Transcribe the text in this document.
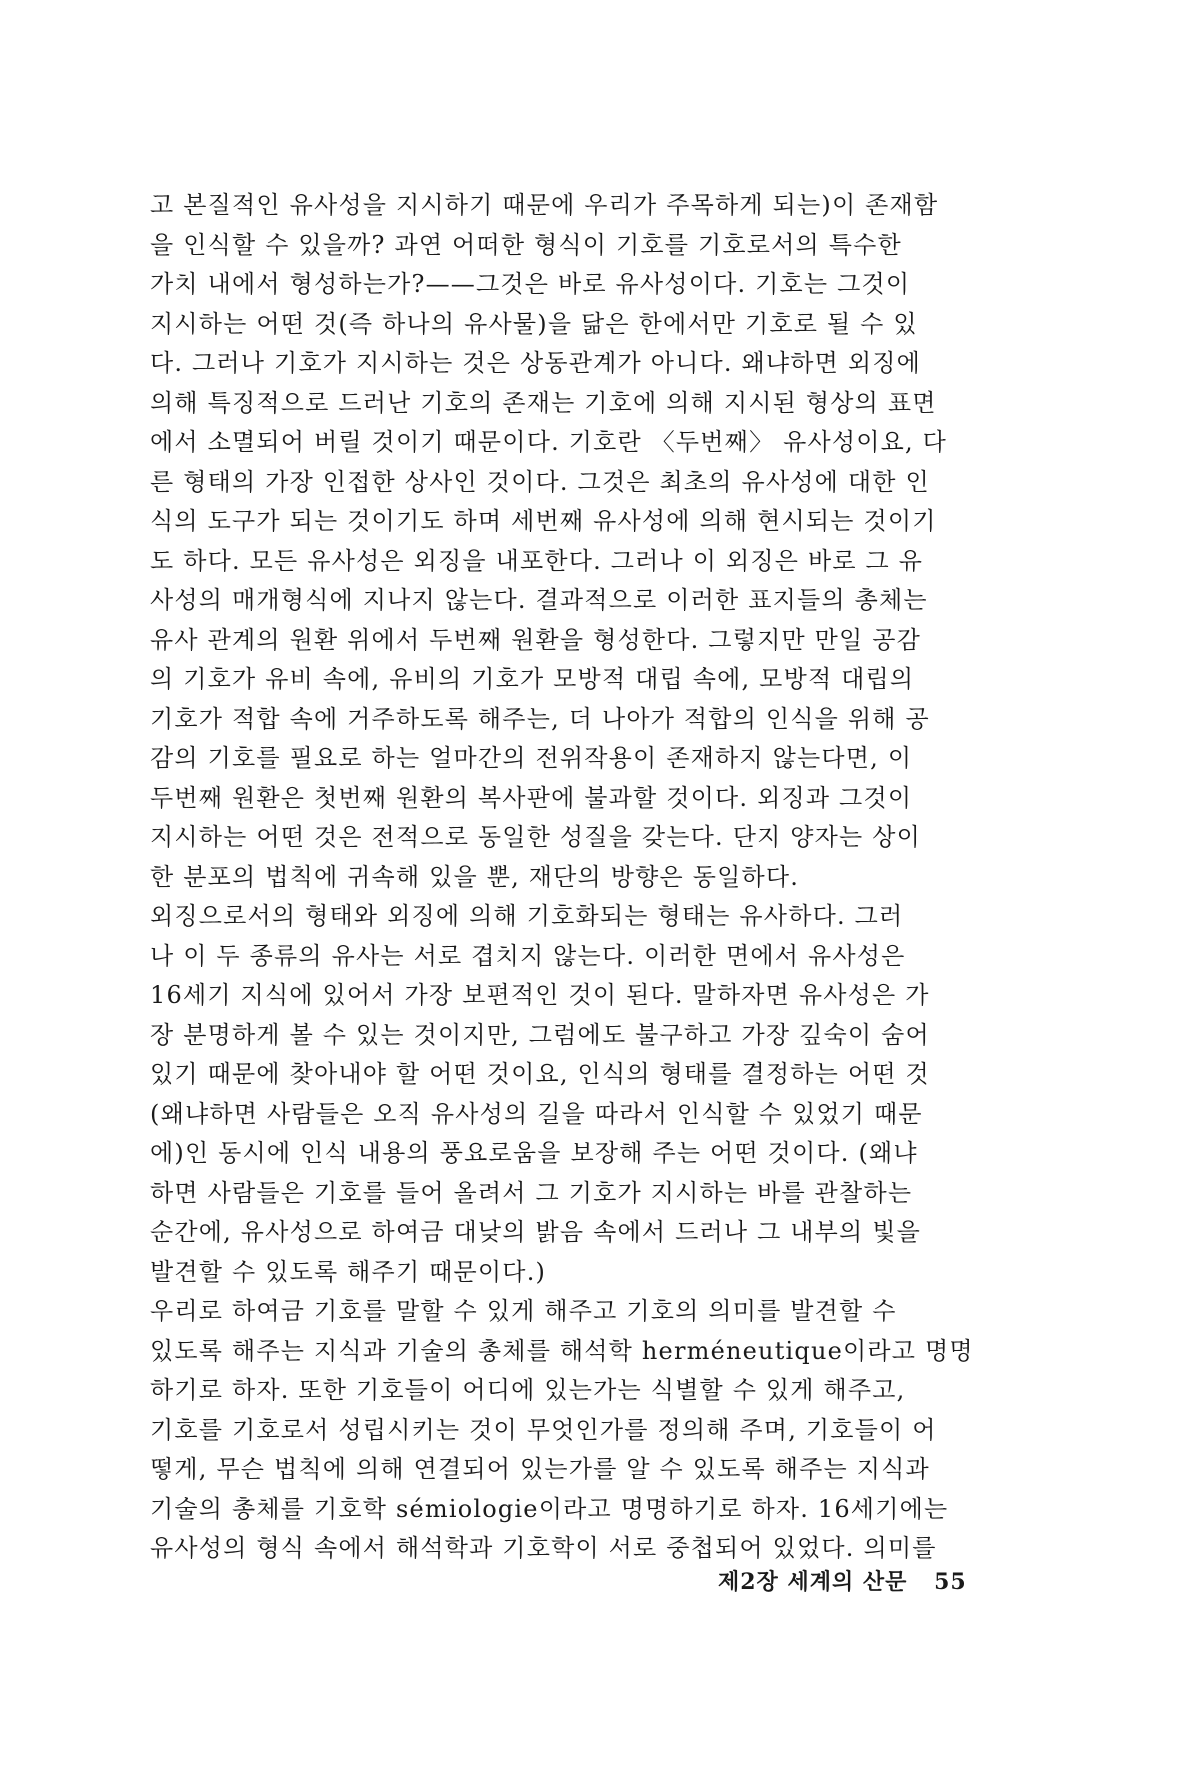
고 본질적인 유사성을 지시하기 때문에 우리가 주목하게 되는)이 존재함
을 인식할 수 있을까? 과연 어떠한 형식이 기호를 기호로서의 특수한
가치 내에서 형성하는가?——그것은 바로 유사성이다. 기호는 그것이
지시하는 어떤 것(즉 하나의 유사물)을 닮은 한에서만 기호로 될 수 있
다. 그러나 기호가 지시하는 것은 상동관계가 아니다. 왜냐하면 외징에
의해 특징적으로 드러난 기호의 존재는 기호에 의해 지시된 형상의 표면
에서 소멸되어 버릴 것이기 때문이다. 기호란 〈두번째〉 유사성이요, 다
른 형태의 가장 인접한 상사인 것이다. 그것은 최초의 유사성에 대한 인
식의 도구가 되는 것이기도 하며 세번째 유사성에 의해 현시되는 것이기
도 하다. 모든 유사성은 외징을 내포한다. 그러나 이 외징은 바로 그 유
사성의 매개형식에 지나지 않는다. 결과적으로 이러한 표지들의 총체는
유사 관계의 원환 위에서 두번째 원환을 형성한다. 그렇지만 만일 공감
의 기호가 유비 속에, 유비의 기호가 모방적 대립 속에, 모방적 대립의
기호가 적합 속에 거주하도록 해주는, 더 나아가 적합의 인식을 위해 공
감의 기호를 필요로 하는 얼마간의 전위작용이 존재하지 않는다면, 이
두번째 원환은 첫번째 원환의 복사판에 불과할 것이다. 외징과 그것이
지시하는 어떤 것은 전적으로 동일한 성질을 갖는다. 단지 양자는 상이
한 분포의 법칙에 귀속해 있을 뿐, 재단의 방향은 동일하다.
외징으로서의 형태와 외징에 의해 기호화되는 형태는 유사하다. 그러
나 이 두 종류의 유사는 서로 겹치지 않는다. 이러한 면에서 유사성은
16세기 지식에 있어서 가장 보편적인 것이 된다. 말하자면 유사성은 가
장 분명하게 볼 수 있는 것이지만, 그럼에도 불구하고 가장 깊숙이 숨어
있기 때문에 찾아내야 할 어떤 것이요, 인식의 형태를 결정하는 어떤 것
(왜냐하면 사람들은 오직 유사성의 길을 따라서 인식할 수 있었기 때문
에)인 동시에 인식 내용의 풍요로움을 보장해 주는 어떤 것이다. (왜냐
하면 사람들은 기호를 들어 올려서 그 기호가 지시하는 바를 관찰하는
순간에, 유사성으로 하여금 대낮의 밝음 속에서 드러나 그 내부의 빛을
발견할 수 있도록 해주기 때문이다.)
우리로 하여금 기호를 말할 수 있게 해주고 기호의 의미를 발견할 수
있도록 해주는 지식과 기술의 총체를 해석학 herméneutique이라고 명명
하기로 하자. 또한 기호들이 어디에 있는가는 식별할 수 있게 해주고,
기호를 기호로서 성립시키는 것이 무엇인가를 정의해 주며, 기호들이 어
떻게, 무슨 법칙에 의해 연결되어 있는가를 알 수 있도록 해주는 지식과
기술의 총체를 기호학 sémiologie이라고 명명하기로 하자. 16세기에는
유사성의 형식 속에서 해석학과 기호학이 서로 중첩되어 있었다. 의미를
제2장 세계의 산문 55
